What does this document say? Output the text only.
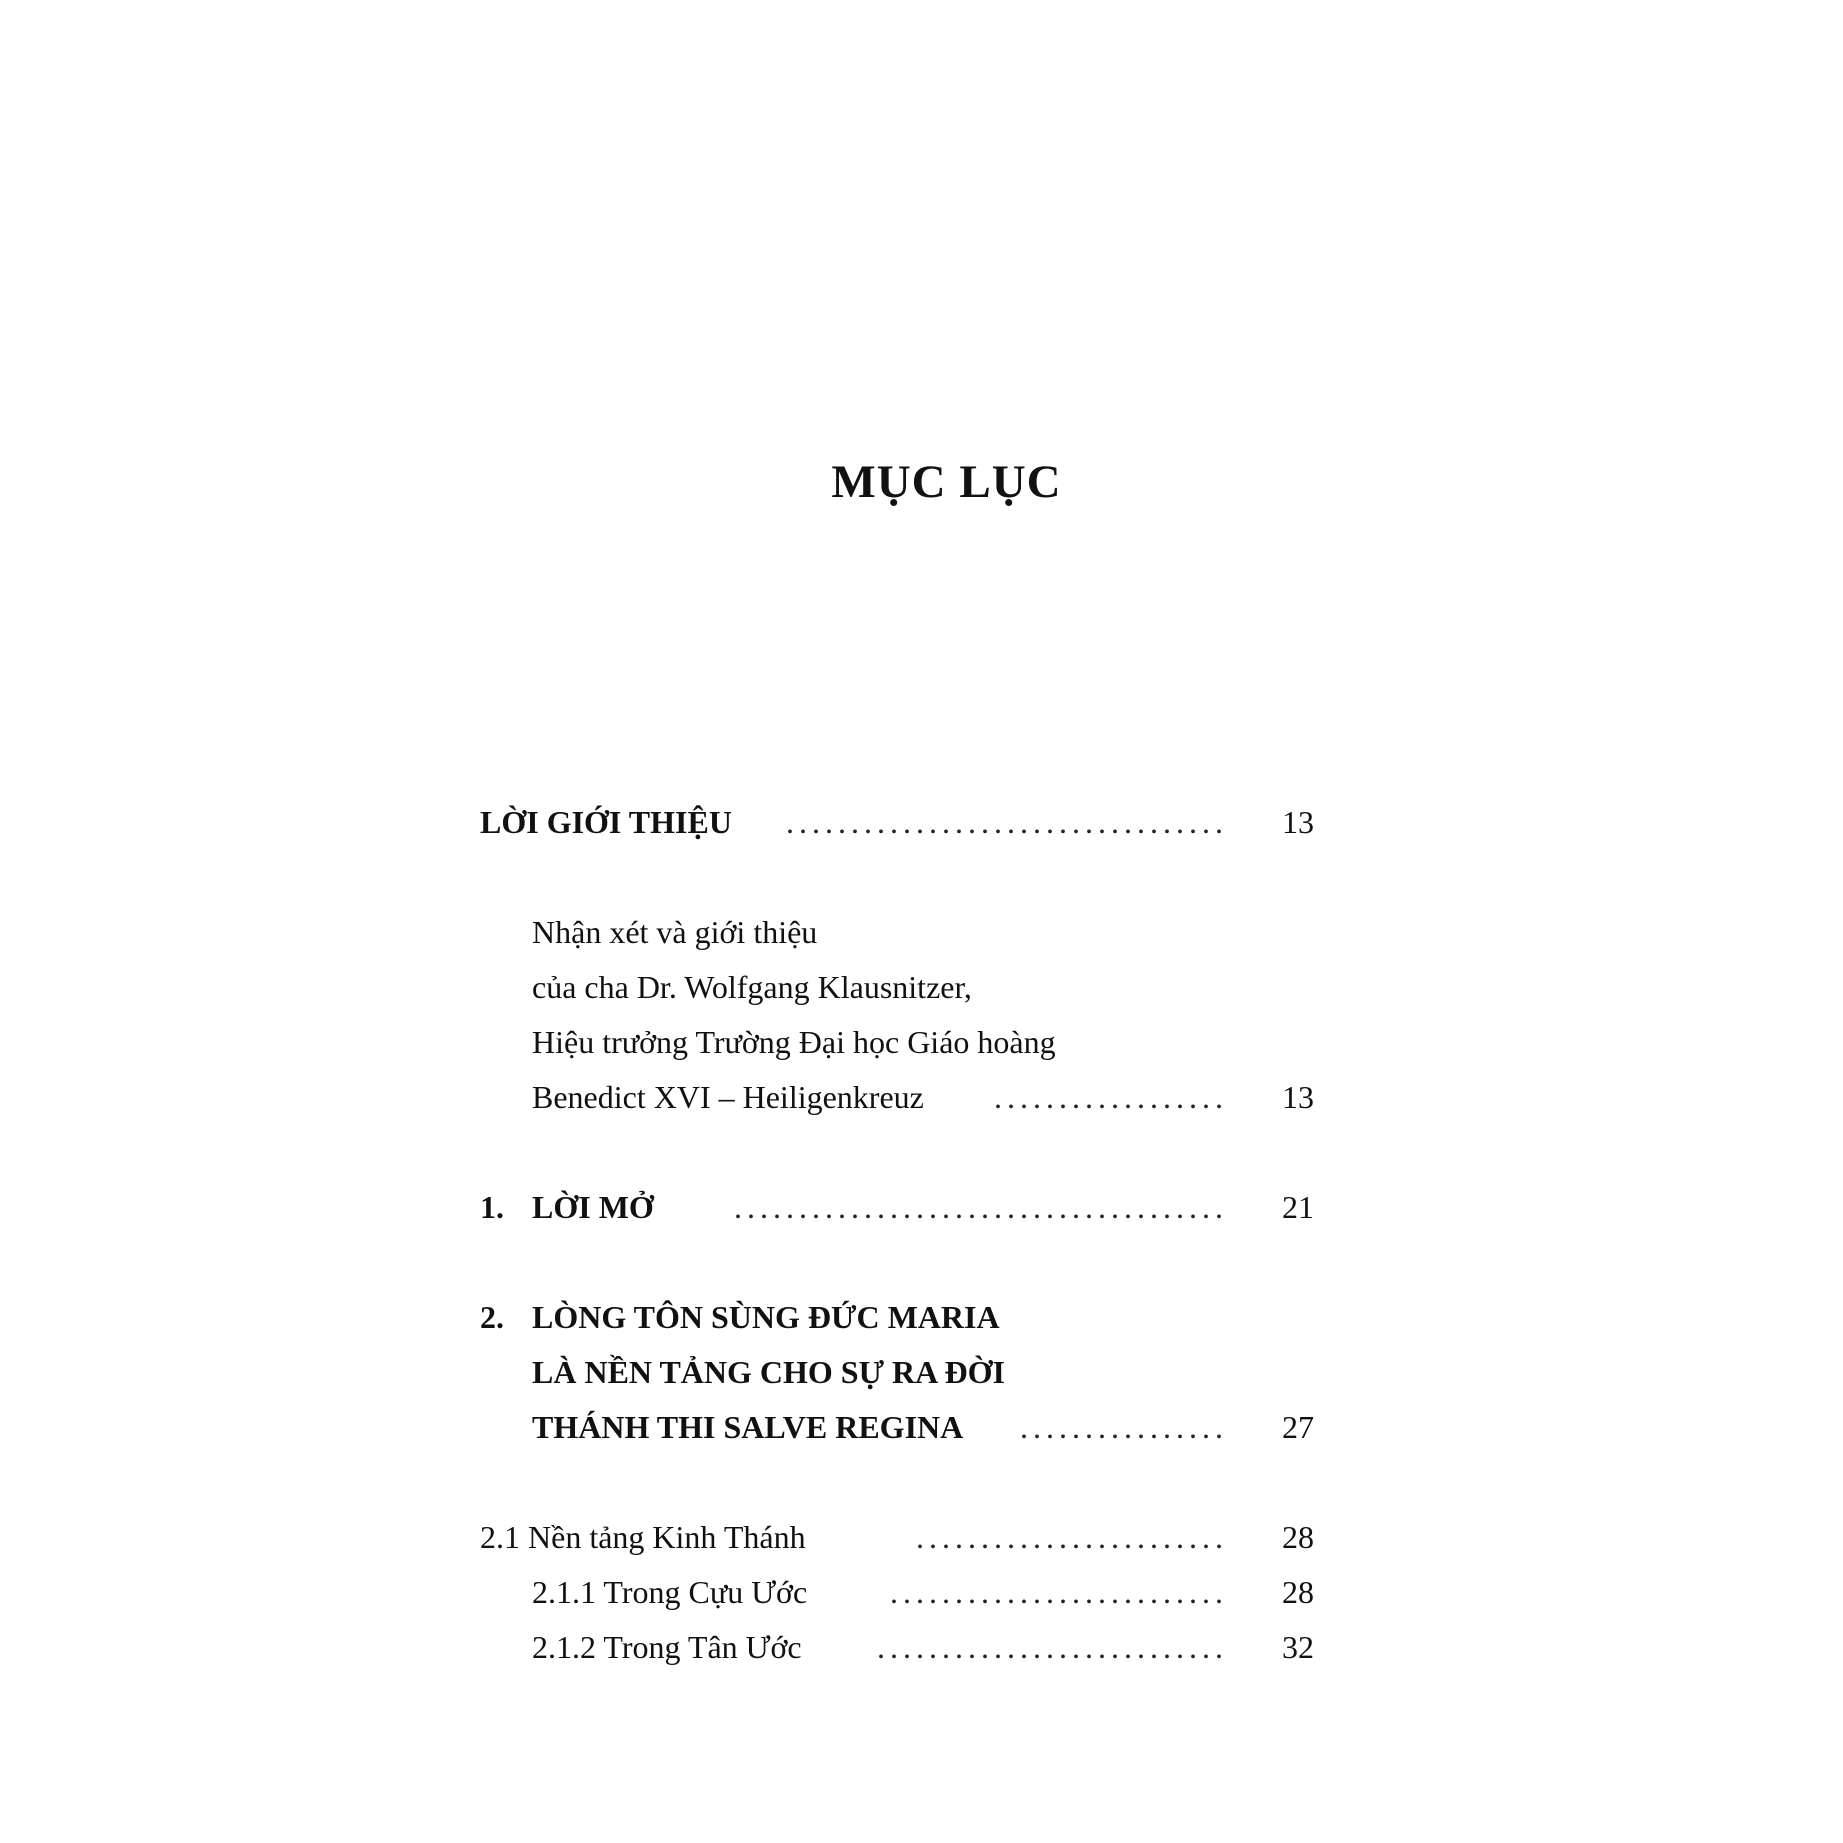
MỤC LỤC
LỜI GIỚI THIỆU	.................................. 13
Nhận xét và giới thiệu
của cha Dr. Wolfgang Klausnitzer,
Hiệu trưởng Trường Đại học Giáo hoàng
Benedict XVI – Heiligenkreuz .................. 13
1. LỜI MỞ	...................................... 21
2. LÒNG TÔN SÙNG ĐỨC MARIA
LÀ NỀN TẢNG CHO SỰ RA ĐỜI
THÁNH THI SALVE REGINA ................ 27
2.1 Nền tảng Kinh Thánh	........................ 28
2.1.1 Trong Cựu Ước	.......................... 28
2.1.2 Trong Tân Ước	........................... 32
